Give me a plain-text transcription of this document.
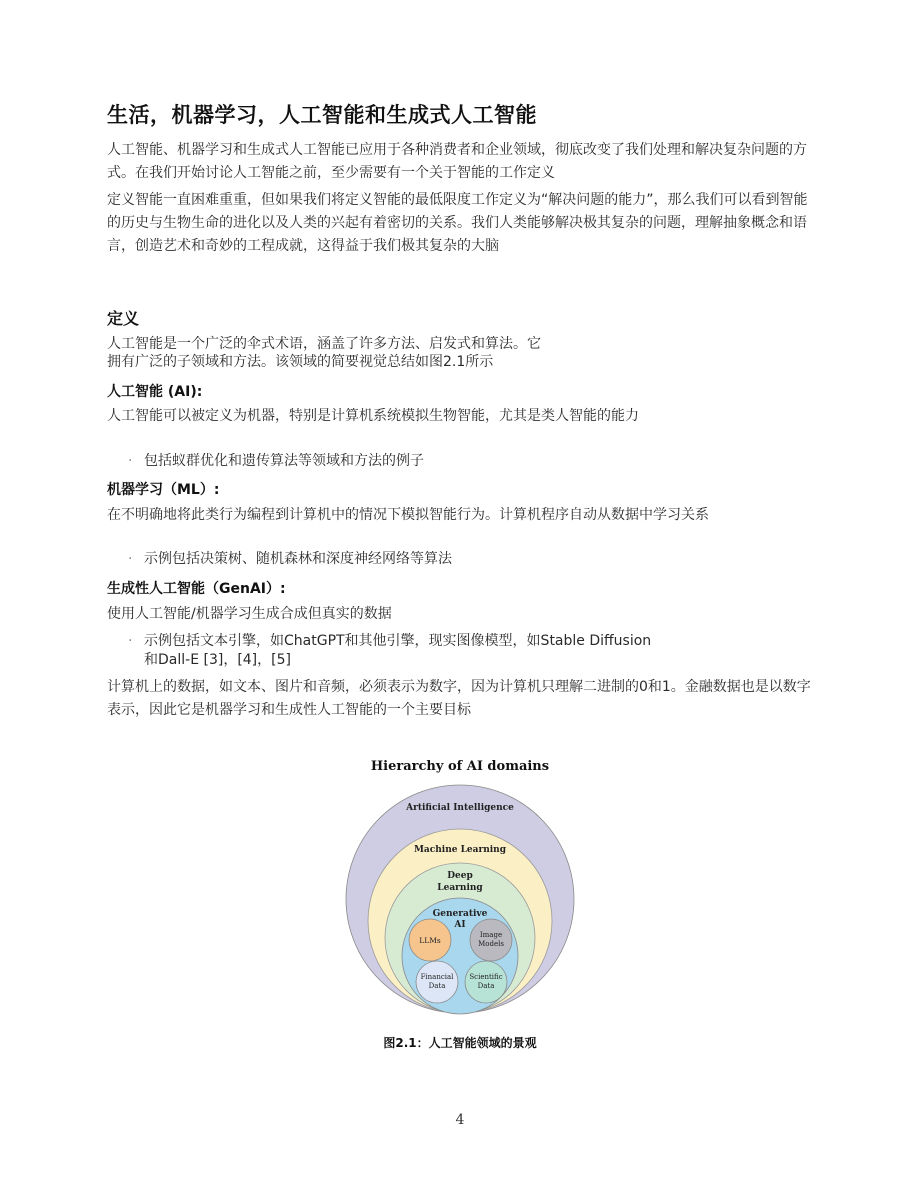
生活，机器学习，人工智能和生成式人工智能
人工智能、机器学习和生成式人工智能已应用于各种消费者和企业领域，彻底改变了我们处理和解决复杂问题的方式。在我们开始讨论人工智能之前，至少需要有一个关于智能的工作定义
定义智能一直困难重重，但如果我们将定义智能的最低限度工作定义为“解决问题的能力”，那么我们可以看到智能的历史与生物生命的进化以及人类的兴起有着密切的关系。我们人类能够解决极其复杂的问题，理解抽象概念和语言，创造艺术和奇妙的工程成就，这得益于我们极其复杂的大脑
定义
人工智能是一个广泛的伞式术语，涵盖了许多方法、启发式和算法。它
拥有广泛的子领域和方法。该领域的简要视觉总结如图2.1所示
人工智能 (AI):
人工智能可以被定义为机器，特别是计算机系统模拟生物智能，尤其是类人智能的能力
· 包括蚁群优化和遗传算法等领域和方法的例子
机器学习（ML）:
在不明确地将此类行为编程到计算机中的情况下模拟智能行为。计算机程序自动从数据中学习关系
· 示例包括决策树、随机森林和深度神经网络等算法
生成性人工智能（GenAI）:
使用人工智能/机器学习生成合成但真实的数据
· 示例包括文本引擎，如ChatGPT和其他引擎，现实图像模型，如Stable Diffusion
和Dall-E [3]，[4]，[5]
计算机上的数据，如文本、图片和音频，必须表示为数字，因为计算机只理解二进制的0和1。金融数据也是以数字表示，因此它是机器学习和生成性人工智能的一个主要目标
Hierarchy of AI domains
Artificial Intelligence
Machine Learning
Deep
Learning
Generative
AI
LLMs
Image
Models
Financial
Data
Scientific
Data
图2.1：人工智能领域的景观
4
